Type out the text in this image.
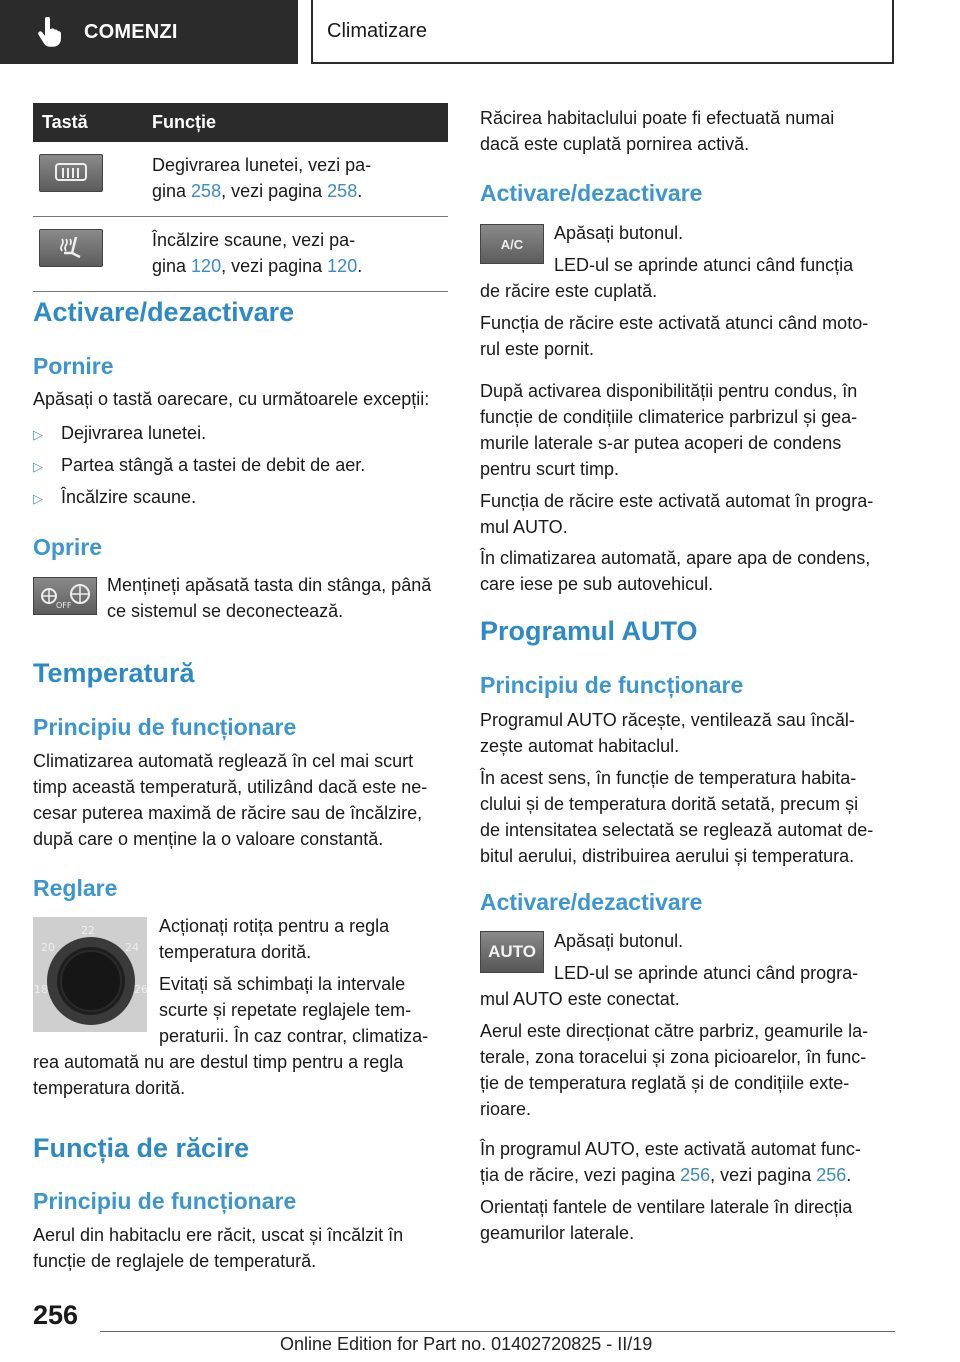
COMENZI	Climatizare
Tastă	Funcție

	Degivrarea lunetei, vezi pa-
gina 258, vezi pagina 258.

	Încălzire scaune, vezi pa-
gina 120, vezi pagina 120.
Activare/dezactivare
Pornire

Apăsați o tastă oarecare, cu următoarele excepții:

▷ Dejivrarea lunetei.
▷ Partea stângă a tastei de debit de aer.
▷ Încălzire scaune.
Oprire
OFF

Mențineți apăsată tasta din stânga, până

ce sistemul se deconectează.

Temperatură
Principiu de funcționare

Climatizarea automată reglează în cel mai scurt

timp această temperatură, utilizând dacă este ne-

cesar puterea maximă de răcire sau de încălzire,

după care o menține la o valoare constantă.

Reglare
22
20	24
18	26

Acționați rotița pentru a regla

temperatura dorită.

Evitați să schimbați la intervale

scurte și repetate reglajele tem-

peraturii. În caz contrar, climatiza-

rea automată nu are destul timp pentru a regla

temperatura dorită.

Funcția de răcire
Principiu de funcționare

Aerul din habitaclu ere răcit, uscat și încălzit în

funcție de reglajele de temperatură.

Răcirea habitaclului poate fi efectuată numai

dacă este cuplată pornirea activă.

Activare/dezactivare
A/C

Apăsați butonul.

LED-ul se aprinde atunci când funcția

de răcire este cuplată.

Funcția de răcire este activată atunci când moto-

rul este pornit.

După activarea disponibilității pentru condus, în

funcție de condițiile climaterice parbrizul și gea-

murile laterale s-ar putea acoperi de condens

pentru scurt timp.

Funcția de răcire este activată automat în progra-

mul AUTO.

În climatizarea automată, apare apa de condens,

care iese pe sub autovehicul.

Programul AUTO
Principiu de funcționare

Programul AUTO răcește, ventilează sau încăl-

zește automat habitaclul.

În acest sens, în funcție de temperatura habita-

clului și de temperatura dorită setată, precum și

de intensitatea selectată se reglează automat de-

bitul aerului, distribuirea aerului și temperatura.

Activare/dezactivare
AUTO

Apăsați butonul.

LED-ul se aprinde atunci când progra-

mul AUTO este conectat.

Aerul este direcționat către parbriz, geamurile la-

terale, zona toracelui și zona picioarelor, în func-

ție de temperatura reglată și de condițiile exte-

rioare.

În programul AUTO, este activată automat func-

ția de răcire, vezi pagina 256, vezi pagina 256.

Orientați fantele de ventilare laterale în direcția

geamurilor laterale.

256
Online Edition for Part no. 01402720825 - II/19
